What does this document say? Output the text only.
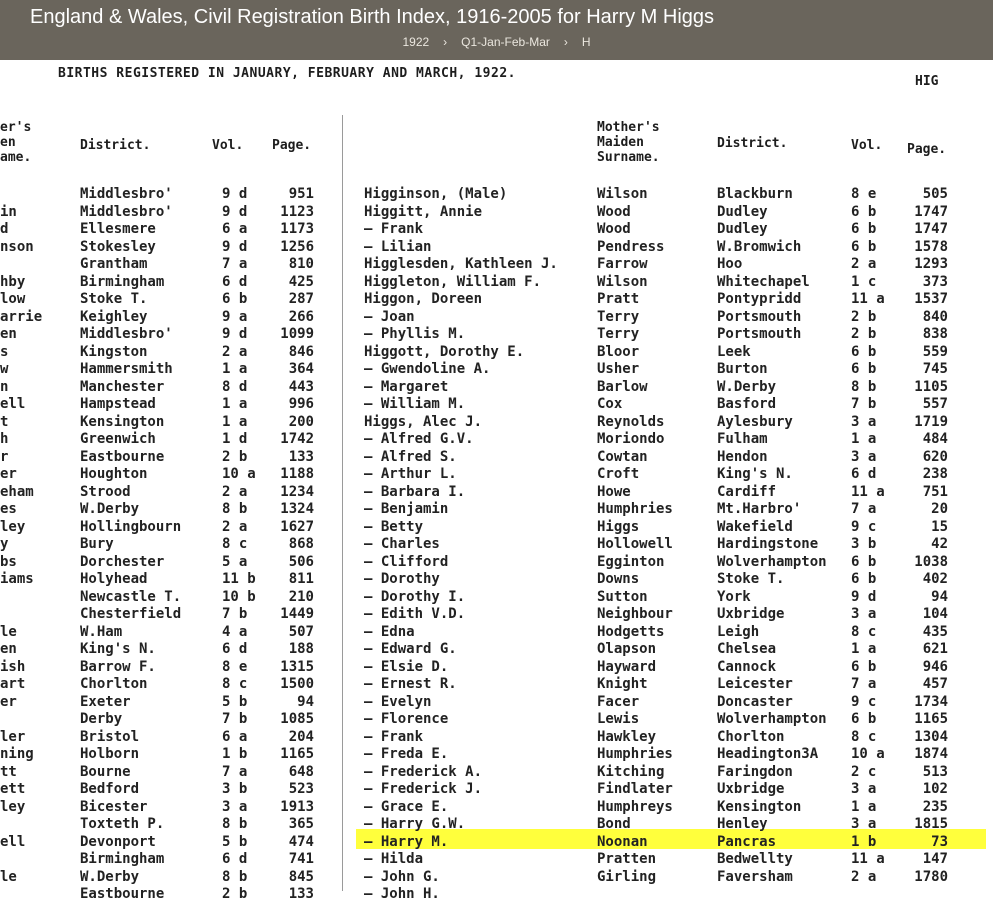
England & Wales, Civil Registration Birth Index, 1916-2005 for Harry M Higgs
1922 › Q1-Jan-Feb-Mar › H
BIRTHS REGISTERED IN JANUARY, FEBRUARY AND MARCH, 1922.
HIG
er's
en
ame.
District.	Vol. Page.
Mother's
Maiden
Surname.
District.	Vol. Page.
Middlesbro'	9 d	951	Higginson, (Male)	Wilson	Blackburn	8 e	505
in	Middlesbro'	9 d	1123	Higgitt, Annie	Wood	Dudley	6 b	1747
d	Ellesmere	6 a	1173	— Frank	Wood	Dudley	6 b	1747
nson	Stokesley	9 d	1256	— Lilian	Pendress	W.Bromwich	6 b	1578
Grantham	7 a	810	Higglesden, Kathleen J.	Farrow	Hoo	2 a	1293
hby	Birmingham	6 d	425	Higgleton, William F.	Wilson	Whitechapel	1 c	373
low	Stoke T.	6 b	287	Higgon, Doreen	Pratt	Pontypridd	11 a	1537
arrie	Keighley	9 a	266	— Joan	Terry	Portsmouth	2 b	840
en	Middlesbro'	9 d	1099	— Phyllis M.	Terry	Portsmouth	2 b	838
s	Kingston	2 a	846	Higgott, Dorothy E.	Bloor	Leek	6 b	559
w	Hammersmith	1 a	364	— Gwendoline A.	Usher	Burton	6 b	745
n	Manchester	8 d	443	— Margaret	Barlow	W.Derby	8 b	1105
ell	Hampstead	1 a	996	— William M.	Cox	Basford	7 b	557
t	Kensington	1 a	200	Higgs, Alec J.	Reynolds	Aylesbury	3 a	1719
h	Greenwich	1 d	1742	— Alfred G.V.	Moriondo	Fulham	1 a	484
r	Eastbourne	2 b	133	— Alfred S.	Cowtan	Hendon	3 a	620
er	Houghton	10 a	1188	— Arthur L.	Croft	King's N.	6 d	238
eham	Strood	2 a	1234	— Barbara I.	Howe	Cardiff	11 a	751
es	W.Derby	8 b	1324	— Benjamin	Humphries	Mt.Harbro'	7 a	20
ley	Hollingbourn	2 a	1627	— Betty	Higgs	Wakefield	9 c	15
y	Bury	8 c	868	— Charles	Hollowell	Hardingstone 3 b	42
bs	Dorchester	5 a	506	— Clifford	Egginton	Wolverhampton 6 b	1038
iams	Holyhead	11 b	811	— Dorothy	Downs	Stoke T.	6 b	402
Newcastle T.	10 b	210	— Dorothy I.	Sutton	York	9 d	94
Chesterfield	7 b	1449	— Edith V.D.	Neighbour	Uxbridge	3 a	104
le	W.Ham	4 a	507	— Edna	Hodgetts	Leigh	8 c	435
en	King's N.	6 d	188	— Edward G.	Olapson	Chelsea	1 a	621
ish	Barrow F.	8 e	1315	— Elsie D.	Hayward	Cannock	6 b	946
art	Chorlton	8 c	1500	— Ernest R.	Knight	Leicester	7 a	457
er	Exeter	5 b	94	— Evelyn	Facer	Doncaster	9 c	1734
Derby	7 b	1085	— Florence	Lewis	Wolverhampton 6 b	1165
ler	Bristol	6 a	204	— Frank	Hawkley	Chorlton	8 c	1304
ning	Holborn	1 b	1165	— Freda E.	Humphries	Headington3A 10 a	1874
tt	Bourne	7 a	648	— Frederick A.	Kitching	Faringdon	2 c	513
ett	Bedford	3 b	523	— Frederick J.	Findlater	Uxbridge	3 a	102
ley	Bicester	3 a	1913	— Grace E.	Humphreys	Kensington	1 a	235
Toxteth P.	8 b	365	— Harry G.W.	Bond	Henley	3 a	1815
ell	Devonport	5 b	474	— Harry M.	Noonan	Pancras	1 b	73
Birmingham	6 d	741	— Hilda	Pratten	Bedwellty	11 a	147
le	W.Derby	8 b	845	— John G.	Girling	Faversham	2 a	1780
Eastbourne	2 b	133	— John H.
